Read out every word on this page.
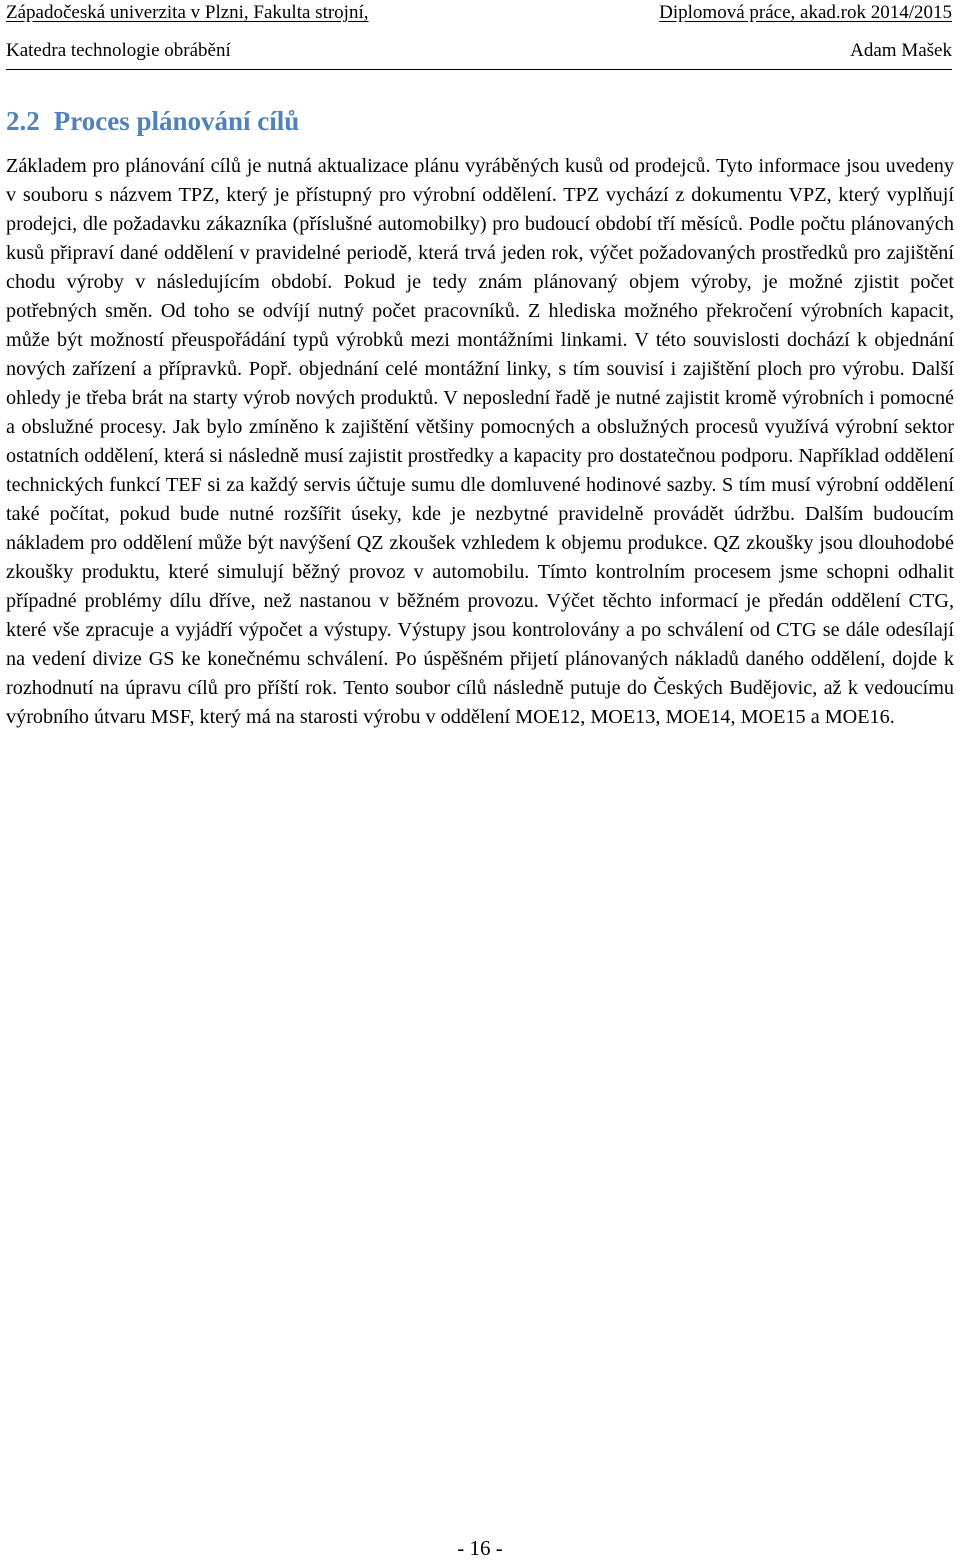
Západočeská univerzita v Plzni, Fakulta strojní,	Diplomová práce, akad.rok 2014/2015
Katedra technologie obrábění	Adam Mašek
2.2 Proces plánování cílů

Základem pro plánování cílů je nutná aktualizace plánu vyráběných kusů od prodejců. Tyto informace jsou uvedeny v souboru s názvem TPZ, který je přístupný pro výrobní oddělení. TPZ vychází z dokumentu VPZ, který vyplňují prodejci, dle požadavku zákazníka (příslušné automobilky) pro budoucí období tří měsíců. Podle počtu plánovaných kusů připraví dané oddělení v pravidelné periodě, která trvá jeden rok, výčet požadovaných prostředků pro zajištění chodu výroby v následujícím období. Pokud je tedy znám plánovaný objem výroby, je možné zjistit počet potřebných směn. Od toho se odvíjí nutný počet pracovníků. Z hlediska možného překročení výrobních kapacit, může být možností přeuspořádání typů výrobků mezi montážními linkami. V této souvislosti dochází k objednání nových zařízení a přípravků. Popř. objednání celé montážní linky, s tím souvisí i zajištění ploch pro výrobu. Další ohledy je třeba brát na starty výrob nových produktů. V neposlední řadě je nutné zajistit kromě výrobních i pomocné a obslužné procesy. Jak bylo zmíněno k zajištění většiny pomocných a obslužných procesů využívá výrobní sektor ostatních oddělení, která si následně musí zajistit prostředky a kapacity pro dostatečnou podporu. Například oddělení technických funkcí TEF si za každý servis účtuje sumu dle domluvené hodinové sazby. S tím musí výrobní oddělení také počítat, pokud bude nutné rozšířit úseky, kde je nezbytné pravidelně provádět údržbu. Dalším budoucím nákladem pro oddělení může být navýšení QZ zkoušek vzhledem k objemu produkce. QZ zkoušky jsou dlouhodobé zkoušky produktu, které simulují běžný provoz v automobilu. Tímto kontrolním procesem jsme schopni odhalit případné problémy dílu dříve, než nastanou v běžném provozu. Výčet těchto informací je předán oddělení CTG, které vše zpracuje a vyjádří výpočet a výstupy. Výstupy jsou kontrolovány a po schválení od CTG se dále odesílají na vedení divize GS ke konečnému schválení. Po úspěšném přijetí plánovaných nákladů daného oddělení, dojde k rozhodnutí na úpravu cílů pro příští rok. Tento soubor cílů následně putuje do Českých Budějovic, až k vedoucímu výrobního útvaru MSF, který má na starosti výrobu v oddělení MOE12, MOE13, MOE14, MOE15 a MOE16.

- 16 -
